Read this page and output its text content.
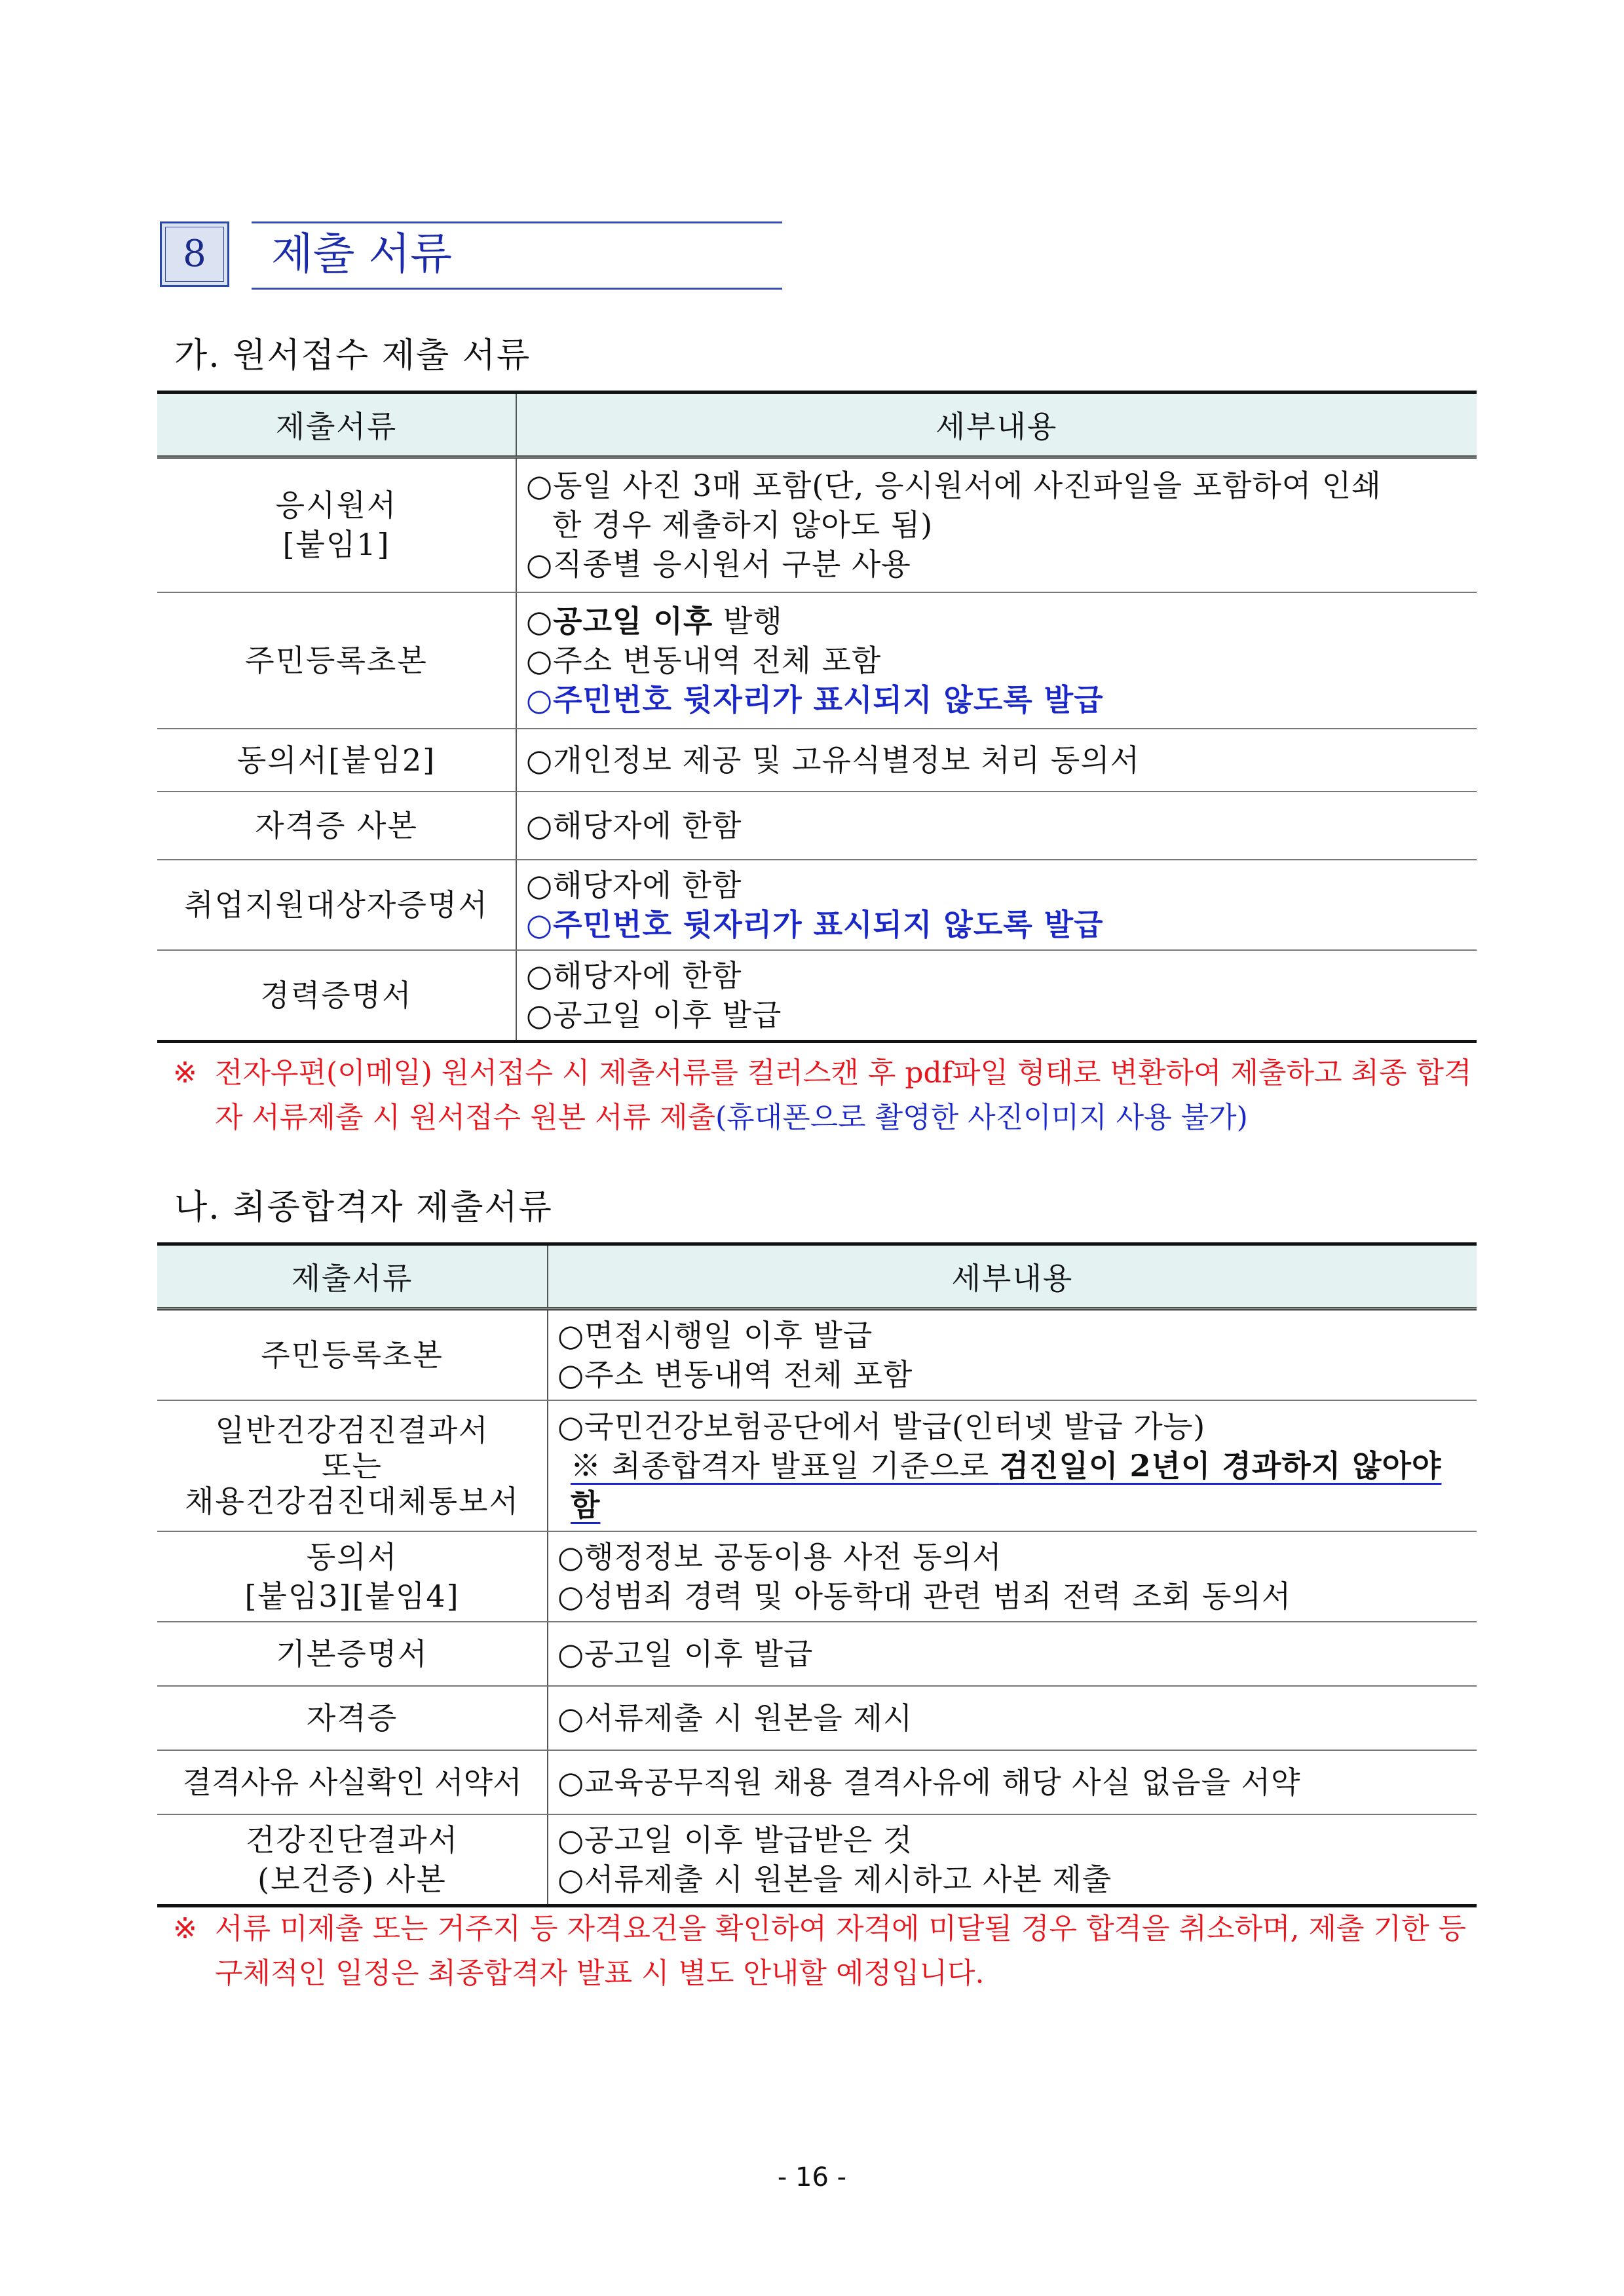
8	제출 서류
가. 원서접수 제출 서류
제출서류	세부내용

응시원서
[붙임1]	○동일 사진 3매 포함(단, 응시원서에 사진파일을 포함하여 인쇄
한 경우 제출하지 않아도 됨)
○직종별 응시원서 구분 사용

주민등록초본	○공고일 이후 발행
○주소 변동내역 전체 포함
○주민번호 뒷자리가 표시되지 않도록 발급

동의서[붙임2]	○개인정보 제공 및 고유식별정보 처리 동의서

자격증 사본	○해당자에 한함

취업지원대상자증명서	○해당자에 한함
○주민번호 뒷자리가 표시되지 않도록 발급

경력증명서	○해당자에 한함
○공고일 이후 발급
※ 전자우편(이메일) 원서접수 시 제출서류를 컬러스캔 후 pdf파일 형태로 변환하여 제출하고 최종 합격자 서류제출 시 원서접수 원본 서류 제출(휴대폰으로 촬영한 사진이미지 사용 불가)
나. 최종합격자 제출서류
제출서류	세부내용

주민등록초본	○면접시행일 이후 발급
○주소 변동내역 전체 포함

일반건강검진결과서
또는
채용건강검진대체통보서	○국민건강보험공단에서 발급(인터넷 발급 가능)
※ 최종합격자 발표일 기준으로 검진일이 2년이 경과하지 않아야 함

동의서
[붙임3][붙임4]	○행정정보 공동이용 사전 동의서
○성범죄 경력 및 아동학대 관련 범죄 전력 조회 동의서

기본증명서	○공고일 이후 발급

자격증	○서류제출 시 원본을 제시

결격사유 사실확인 서약서	○교육공무직원 채용 결격사유에 해당 사실 없음을 서약

건강진단결과서
(보건증) 사본	○공고일 이후 발급받은 것
○서류제출 시 원본을 제시하고 사본 제출
※ 서류 미제출 또는 거주지 등 자격요건을 확인하여 자격에 미달될 경우 합격을 취소하며, 제출 기한 등 구체적인 일정은 최종합격자 발표 시 별도 안내할 예정입니다.
- 16 -
